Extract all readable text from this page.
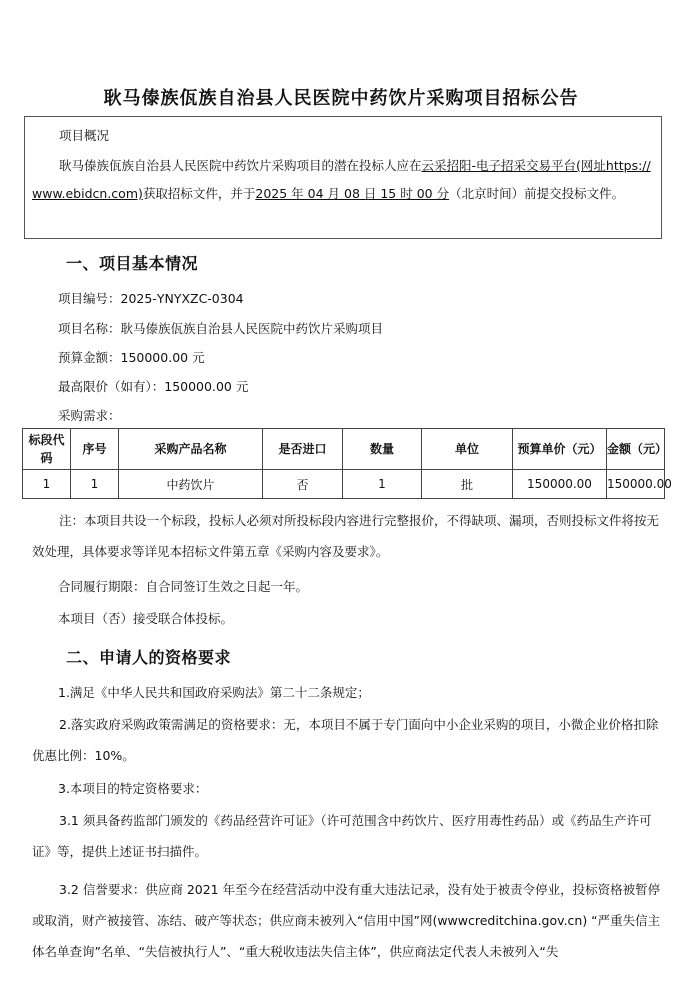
耿马傣族佤族自治县人民医院中药饮片采购项目招标公告
项目概况
耿马傣族佤族自治县人民医院中药饮片采购项目的潜在投标人应在云采招阳-电子招采交易平台(网址https://www.ebidcn.com)获取招标文件，并于2025 年 04 月 08 日 15 时 00 分（北京时间）前提交投标文件。
一、项目基本情况
项目编号：2025-YNYXZC-0304
项目名称：耿马傣族佤族自治县人民医院中药饮片采购项目
预算金额：150000.00 元
最高限价（如有）：150000.00 元
采购需求：
标段代码	序号	采购产品名称	是否进口	数量	单位	预算单价（元）	金额（元）
1	1	中药饮片	否	1	批	150000.00	150000.00
注：本项目共设一个标段，投标人必须对所投标段内容进行完整报价，不得缺项、漏项，否则投标文件将按无效处理，具体要求等详见本招标文件第五章《采购内容及要求》。
合同履行期限：自合同签订生效之日起一年。
本项目（否）接受联合体投标。
二、申请人的资格要求
1.满足《中华人民共和国政府采购法》第二十二条规定；
2.落实政府采购政策需满足的资格要求：无，本项目不属于专门面向中小企业采购的项目，小微企业价格扣除优惠比例：10%。
3.本项目的特定资格要求：
3.1 须具备药监部门颁发的《药品经营许可证》（许可范围含中药饮片、医疗用毒性药品）或《药品生产许可证》等，提供上述证书扫描件。
3.2 信誉要求：供应商 2021 年至今在经营活动中没有重大违法记录，没有处于被责令停业，投标资格被暂停或取消，财产被接管、冻结、破产等状态；供应商未被列入“信用中国”网(wwwcreditchina.gov.cn) “严重失信主体名单查询”名单、“失信被执行人”、“重大税收违法失信主体”，供应商法定代表人未被列入“失
